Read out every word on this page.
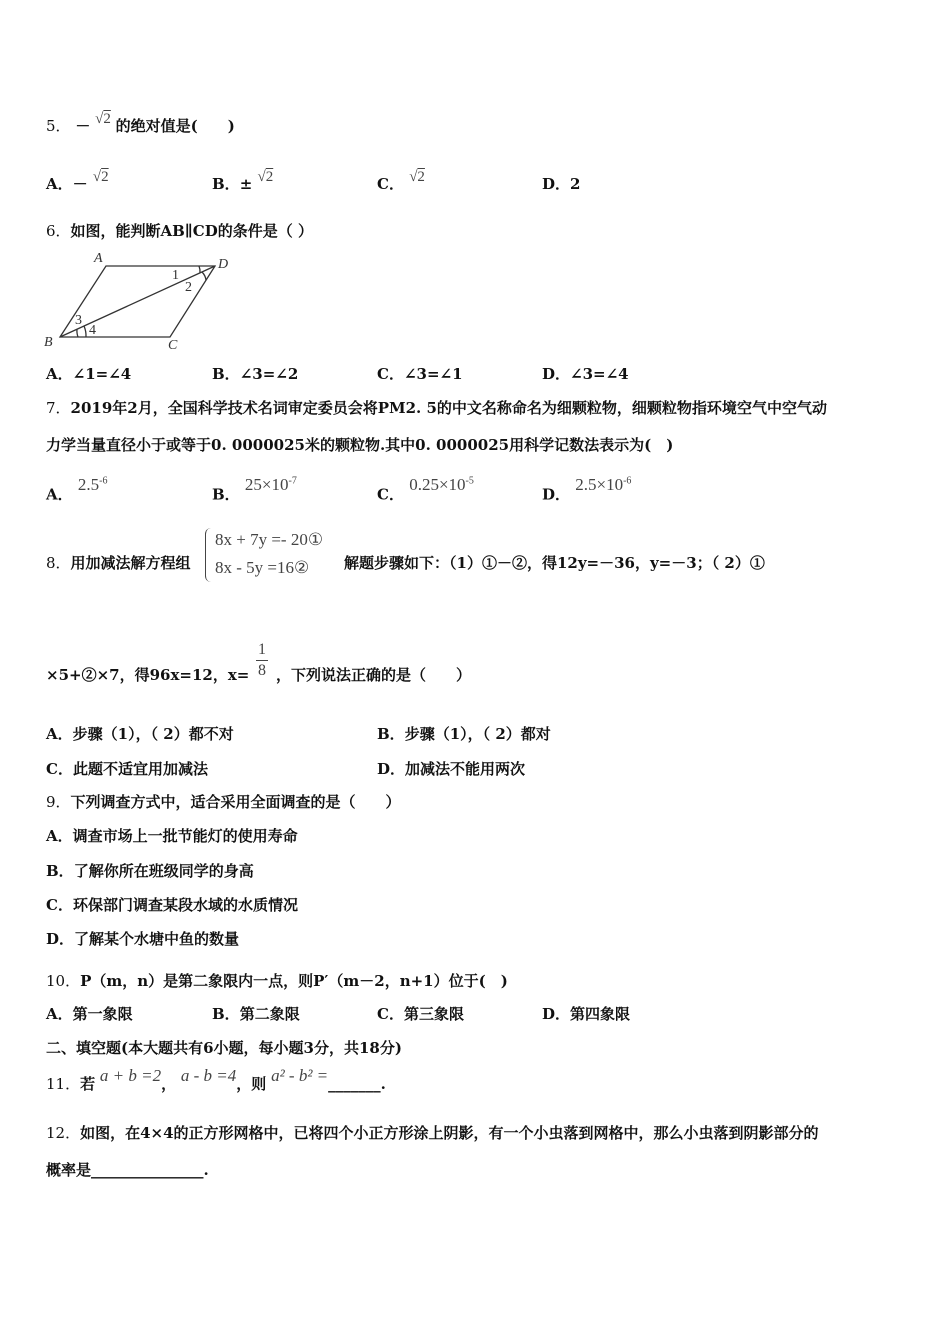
5． － √2 的绝对值是(　　)
A．－ √2	B．± √2	C． √2	D．2
6．如图，能判断AB∥CD的条件是（ ）
A	D
B	C
1
2
3
4
A．∠1=∠4	B．∠3=∠2	C．∠3=∠1	D．∠3=∠4
7．2019年2月，全国科学技术名词审定委员会将PM2. 5的中文名称命名为细颗粒物，细颗粒物指环境空气中空气动
力学当量直径小于或等于0. 0000025米的颗粒物.其中0. 0000025用科学记数法表示为(　)
A． $2.5^{-6}$
B． $25\times 10^{-7}$
C． $0.25\times 10^{-5}$
D． $2.5\times 10^{-6}$
8．用加减法解方程组
8x + 7y =- 20①
8x - 5y =16②	解题步骤如下：（1）①－②，得12y=－36，y=－3；（ 2）①
×5+②×7，得96x=12，$x= \frac{1}{8}$ ，下列说法正确的是（　　）
A．步骤（1），（ 2）都不对	B．步骤（1），（ 2）都对
C．此题不适宜用加减法	D．加减法不能用两次
9．下列调查方式中，适合采用全面调查的是（　　）
A．调查市场上一批节能灯的使用寿命
B．了解你所在班级同学的身高
C．环保部门调查某段水域的水质情况
D．了解某个水塘中鱼的数量
10．P（m，n）是第二象限内一点，则P′（m－2，n+1）位于(　)
A．第一象限	B．第二象限	C．第三象限	D．第四象限
二、填空题(本大题共有6小题，每小题3分，共18分)
11．若 a + b =2， a - b =4，则 a² - b² =_______.
12．如图，在4×4的正方形网格中，已将四个小正方形涂上阴影，有一个小虫落到网格中，那么小虫落到阴影部分的
概率是_______________.
